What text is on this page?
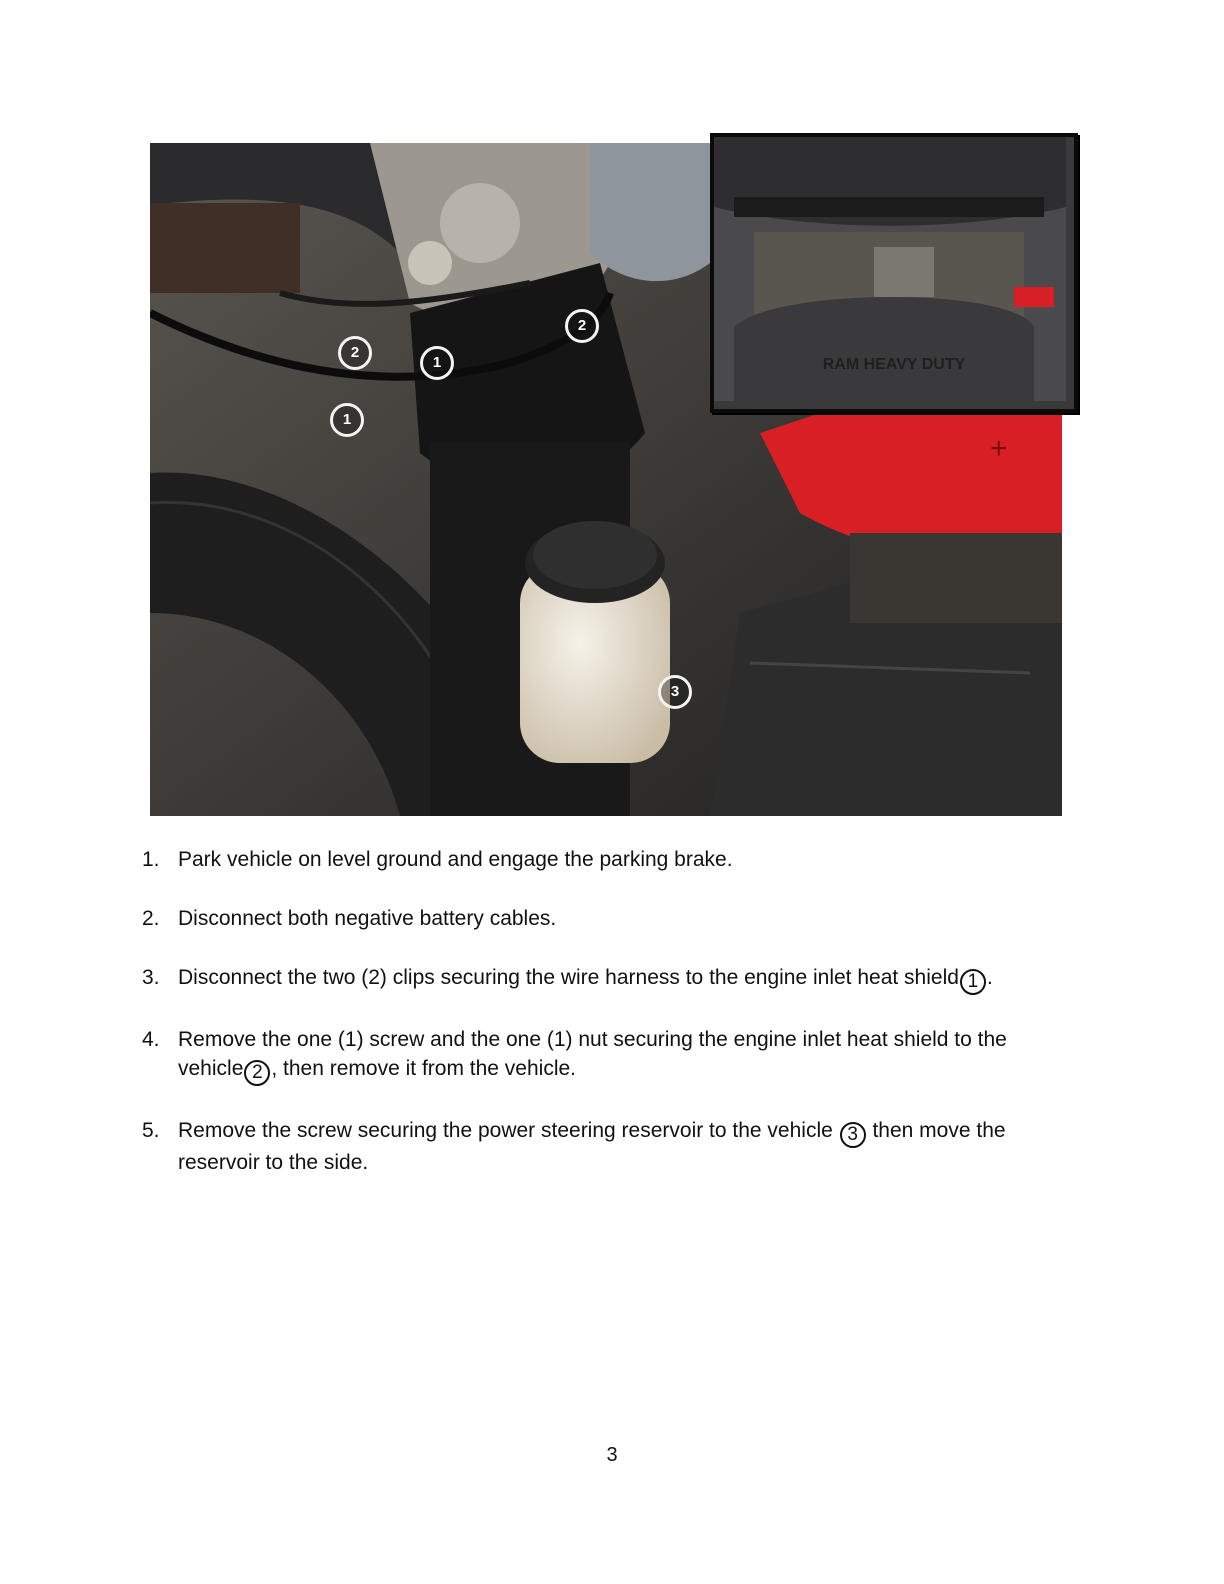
+
1
1
2
2
3
RAM HEAVY DUTY
1. Park vehicle on level ground and engage the parking brake.
2. Disconnect both negative battery cables.
3. Disconnect the two (2) clips securing the wire harness to the engine inlet heat shield 1 .
4. Remove the one (1) screw and the one (1) nut securing the engine inlet heat shield to the vehicle 2 , then remove it from the vehicle.
5. Remove the screw securing the power steering reservoir to the vehicle 3 then move the reservoir to the side.
3
